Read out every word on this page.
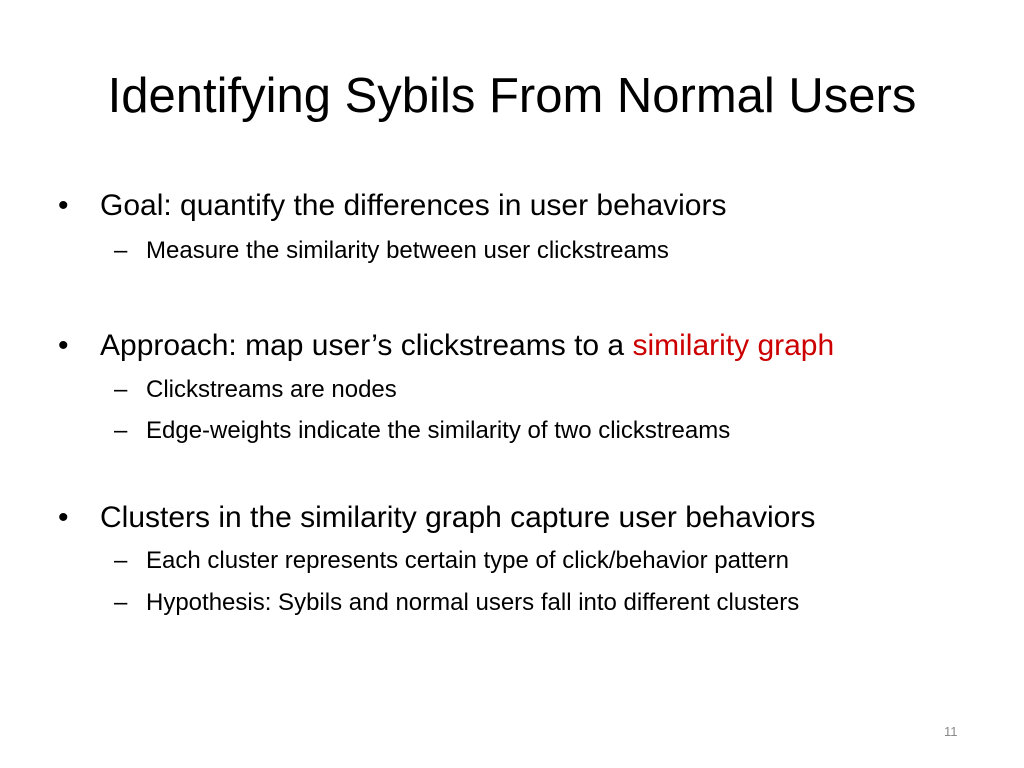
Identifying Sybils From Normal Users
• Goal: quantify the differences in user behaviors
– Measure the similarity between user clickstreams
• Approach: map user’s clickstreams to a similarity graph
– Clickstreams are nodes
– Edge-weights indicate the similarity of two clickstreams
• Clusters in the similarity graph capture user behaviors
– Each cluster represents certain type of click/behavior pattern
– Hypothesis: Sybils and normal users fall into different clusters
11
